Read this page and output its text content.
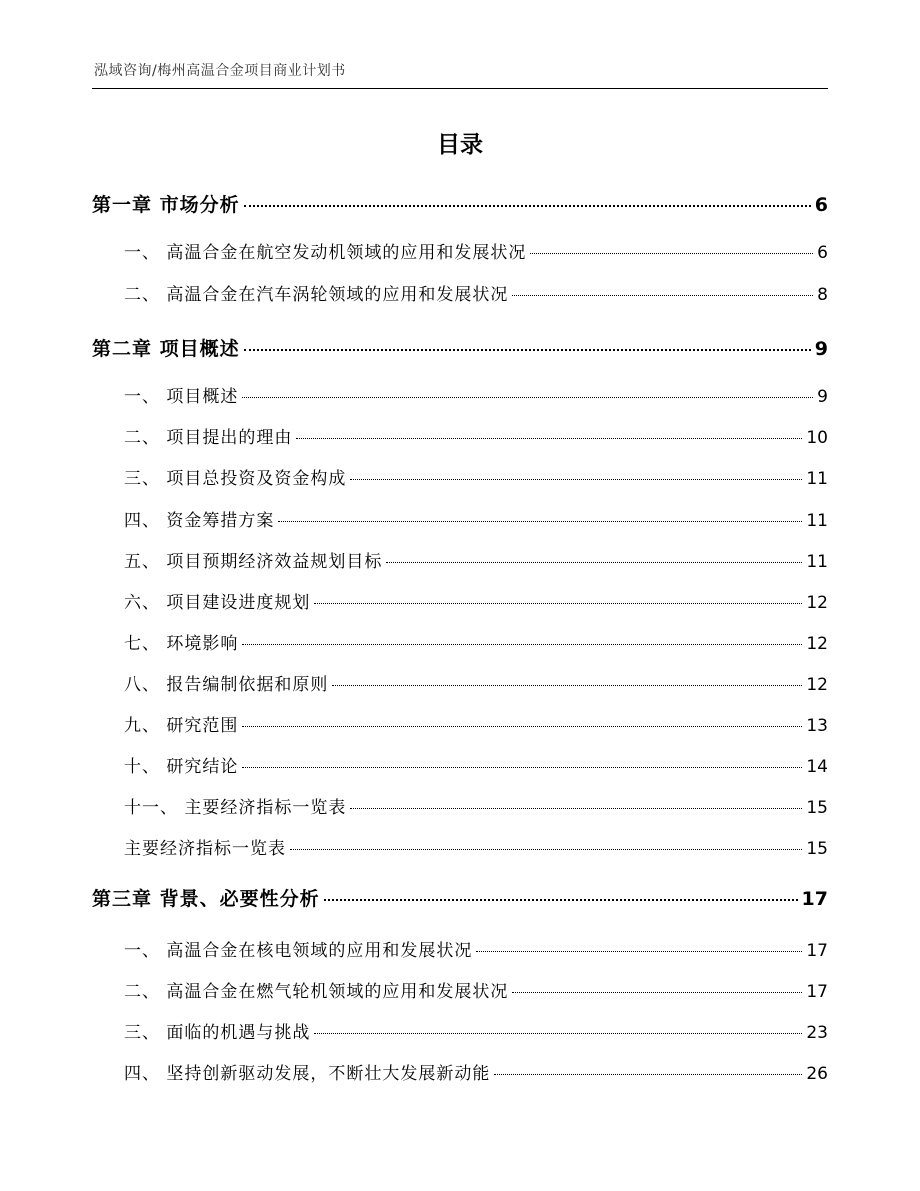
泓域咨询/梅州高温合金项目商业计划书
目录
第一章 市场分析	6
一、 高温合金在航空发动机领域的应用和发展状况	6
二、 高温合金在汽车涡轮领域的应用和发展状况	8
第二章 项目概述	9
一、 项目概述	9
二、 项目提出的理由	10
三、 项目总投资及资金构成	11
四、 资金筹措方案	11
五、 项目预期经济效益规划目标	11
六、 项目建设进度规划	12
七、 环境影响	12
八、 报告编制依据和原则	12
九、 研究范围	13
十、 研究结论	14
十一、 主要经济指标一览表	15
主要经济指标一览表	15
第三章 背景、必要性分析	17
一、 高温合金在核电领域的应用和发展状况	17
二、 高温合金在燃气轮机领域的应用和发展状况	17
三、 面临的机遇与挑战	23
四、 坚持创新驱动发展，不断壮大发展新动能	26
